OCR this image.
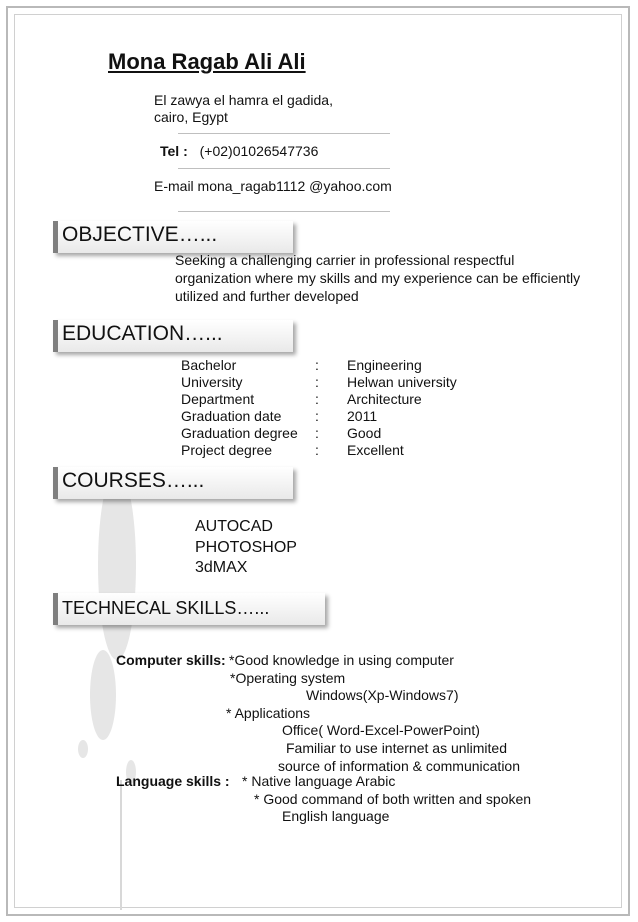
Mona Ragab Ali Ali
El zawya el hamra el gadida,
cairo, Egypt
Tel : (+02)01026547736
E-mail mona_ragab1112 @yahoo.com
OBJECTIVE…...
Seeking a challenging carrier in professional respectful
organization where my skills and my experience can be efficiently
utilized and further developed
EDUCATION…...
Bachelor	:	Engineering
University	:	Helwan university
Department	:	Architecture
Graduation date	:	2011
Graduation degree	:	Good
Project degree	:	Excellent
COURSES…...
AUTOCAD
PHOTOSHOP
3dMAX
TECHNECAL SKILLS…...
Computer skills: *Good knowledge in using computer
*Operating system
Windows(Xp-Windows7)
* Applications
Office( Word-Excel-PowerPoint)
Familiar to use internet as unlimited
source of information & communication
Language skills : * Native language Arabic
* Good command of both written and spoken
English language
